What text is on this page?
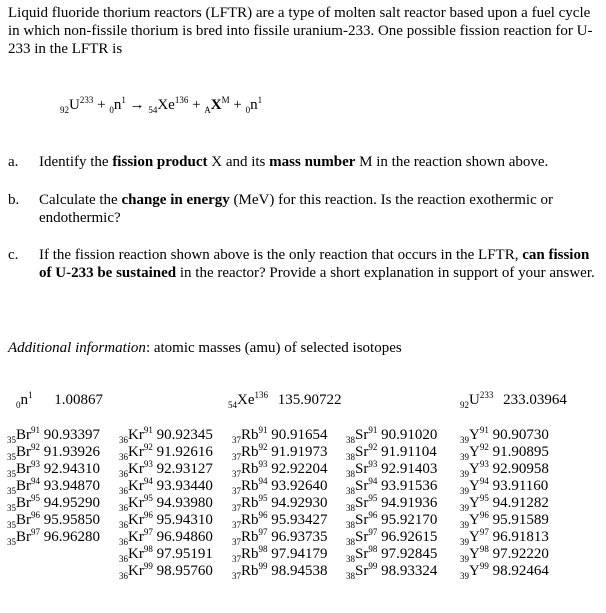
Liquid fluoride thorium reactors (LFTR) are a type of molten salt reactor based upon a fuel cycle in which non-fissile thorium is bred into fissile uranium-233. One possible fission reaction for U-233 in the LFTR is
$_{92}U^{233} + _0n^1 \to _{54}Xe^{136} + _AX^M + _0n^1$
a. Identify the fission product X and its mass number M in the reaction shown above.
b. Calculate the change in energy (MeV) for this reaction. Is the reaction exothermic or endothermic?
c. If the fission reaction shown above is the only reaction that occurs in the LFTR, can fission of U-233 be sustained in the reactor? Provide a short explanation in support of your answer.
Additional information: atomic masses (amu) of selected isotopes
$_0n^1$ 1.00867	$_{54}Xe^{136}$ 135.90722	$_{92}U^{233}$ 233.03964
$_{35}Br^{91}$ 90.93397
$_{35}Br^{92}$ 91.93926
$_{35}Br^{93}$ 92.94310
$_{35}Br^{94}$ 93.94870
$_{35}Br^{95}$ 94.95290
$_{35}Br^{96}$ 95.95850
$_{35}Br^{97}$ 96.96280
$_{36}Kr^{91}$ 90.92345
$_{36}Kr^{92}$ 91.92616
$_{36}Kr^{93}$ 92.93127
$_{36}Kr^{94}$ 93.93440
$_{36}Kr^{95}$ 94.93980
$_{36}Kr^{96}$ 95.94310
$_{36}Kr^{97}$ 96.94860
$_{36}Kr^{98}$ 97.95191
$_{36}Kr^{99}$ 98.95760
$_{37}Rb^{91}$ 90.91654
$_{37}Rb^{92}$ 91.91973
$_{37}Rb^{93}$ 92.92204
$_{37}Rb^{94}$ 93.92640
$_{37}Rb^{95}$ 94.92930
$_{37}Rb^{96}$ 95.93427
$_{37}Rb^{97}$ 96.93735
$_{37}Rb^{98}$ 97.94179
$_{37}Rb^{99}$ 98.94538
$_{38}Sr^{91}$ 90.91020
$_{38}Sr^{92}$ 91.91104
$_{38}Sr^{93}$ 92.91403
$_{38}Sr^{94}$ 93.91536
$_{38}Sr^{95}$ 94.91936
$_{38}Sr^{96}$ 95.92170
$_{38}Sr^{97}$ 96.92615
$_{38}Sr^{98}$ 97.92845
$_{38}Sr^{99}$ 98.93324
$_{39}Y^{91}$ 90.90730
$_{39}Y^{92}$ 91.90895
$_{39}Y^{93}$ 92.90958
$_{39}Y^{94}$ 93.91160
$_{39}Y^{95}$ 94.91282
$_{39}Y^{96}$ 95.91589
$_{39}Y^{97}$ 96.91813
$_{39}Y^{98}$ 97.92220
$_{39}Y^{99}$ 98.92464
